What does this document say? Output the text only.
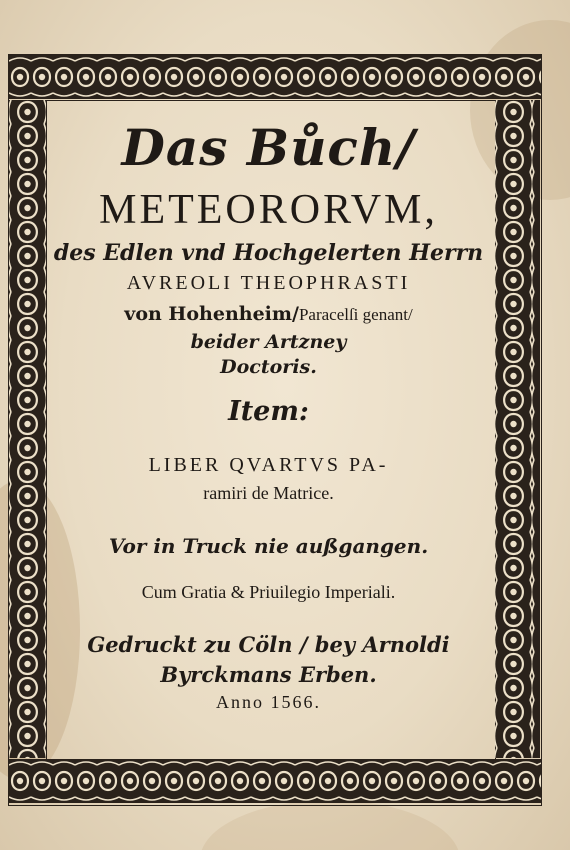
Das Bůch/
METEORORVM,
des Edlen vnd Hochgelerten Herrn
AVREOLI THEOPHRASTI
von Hohenheim/Paracelſi genant/
beider Artzney
Doctoris.
Item:
LIBER QVARTVS PA-
ramiri de Matrice.
Vor in Truck nie außgangen.
Cum Gratia & Priuilegio Imperiali.
Gedruckt zu Cöln / bey Arnoldi
Byrckmans Erben.
Anno 1566.
